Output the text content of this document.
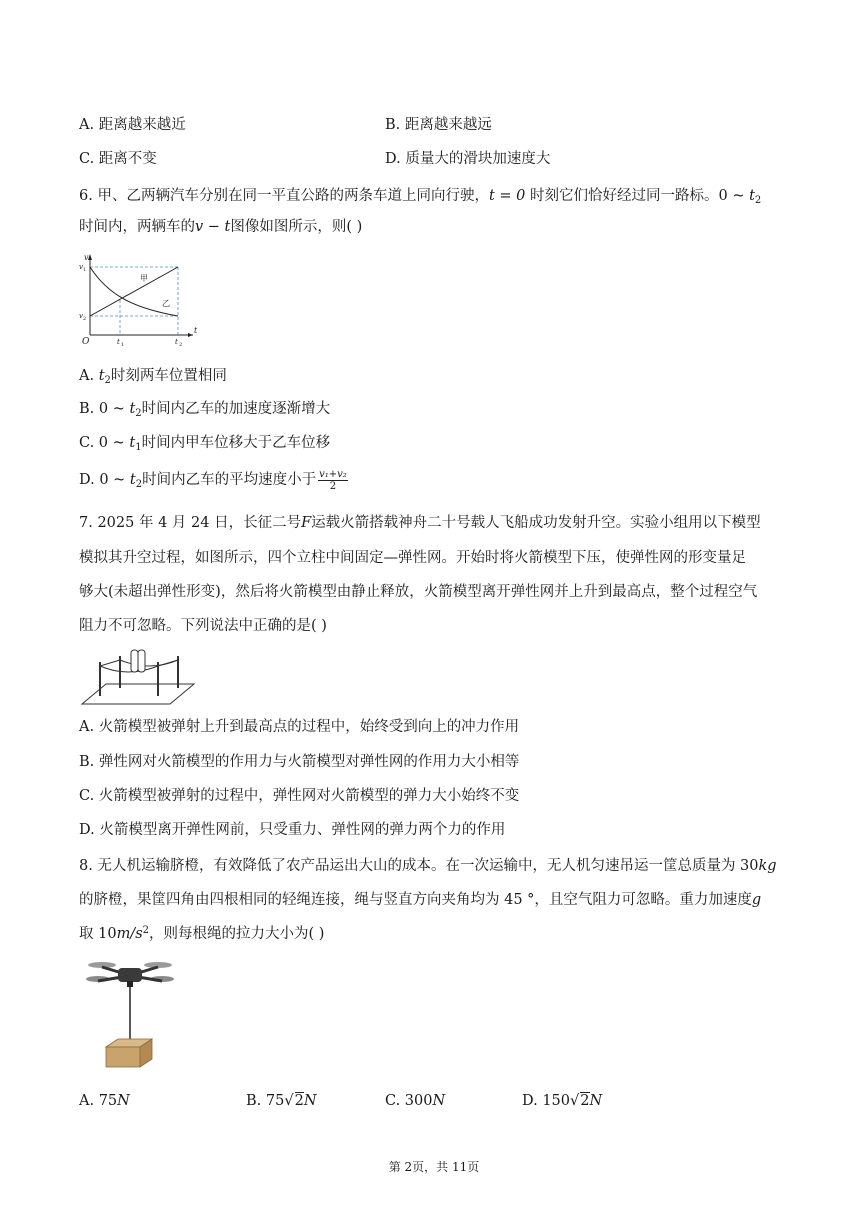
A. 距离越来越近	B. 距离越来越远
C. 距离不变	D. 质量大的滑块加速度大
6. 甲、乙两辆汽车分别在同一平直公路的两条车道上同向行驶，t = 0 时刻它们恰好经过同一路标。0 ~ $t_2$
时间内，两辆车的v − t图像如图所示，则( )
v
t
O
v 1
v 2
t 1	t 2
甲
乙
A. $t_2$时刻两车位置相同
B. 0 ~ $t_2$时间内乙车的加速度逐渐增大
C. 0 ~ $t_1$时间内甲车位移大于乙车位移
D. 0 ~ $t_2$时间内乙车的平均速度小于 $\frac{\text{v₁+v₂}}{2}$
7. 2025 年 4 月 24 日，长征二号F运载火箭搭载神舟二十号载人飞船成功发射升空。实验小组用以下模型
模拟其升空过程，如图所示，四个立柱中间固定—弹性网。开始时将火箭模型下压，使弹性网的形变量足
够大(未超出弹性形变)，然后将火箭模型由静止释放，火箭模型离开弹性网并上升到最高点，整个过程空气
阻力不可忽略。下列说法中正确的是( )
A. 火箭模型被弹射上升到最高点的过程中，始终受到向上的冲力作用
B. 弹性网对火箭模型的作用力与火箭模型对弹性网的作用力大小相等
C. 火箭模型被弹射的过程中，弹性网对火箭模型的弹力大小始终不变
D. 火箭模型离开弹性网前，只受重力、弹性网的弹力两个力的作用
8. 无人机运输脐橙，有效降低了农产品运出大山的成本。在一次运输中，无人机匀速吊运一筐总质量为 30kg
的脐橙，果筐四角由四根相同的轻绳连接，绳与竖直方向夹角均为 45 °，且空气阻力可忽略。重力加速度g
取 $10m/s^2$，则每根绳的拉力大小为( )
A. 75N	B. 75√2N	C. 300N	D. 150√2N
第 2页，共 11页
